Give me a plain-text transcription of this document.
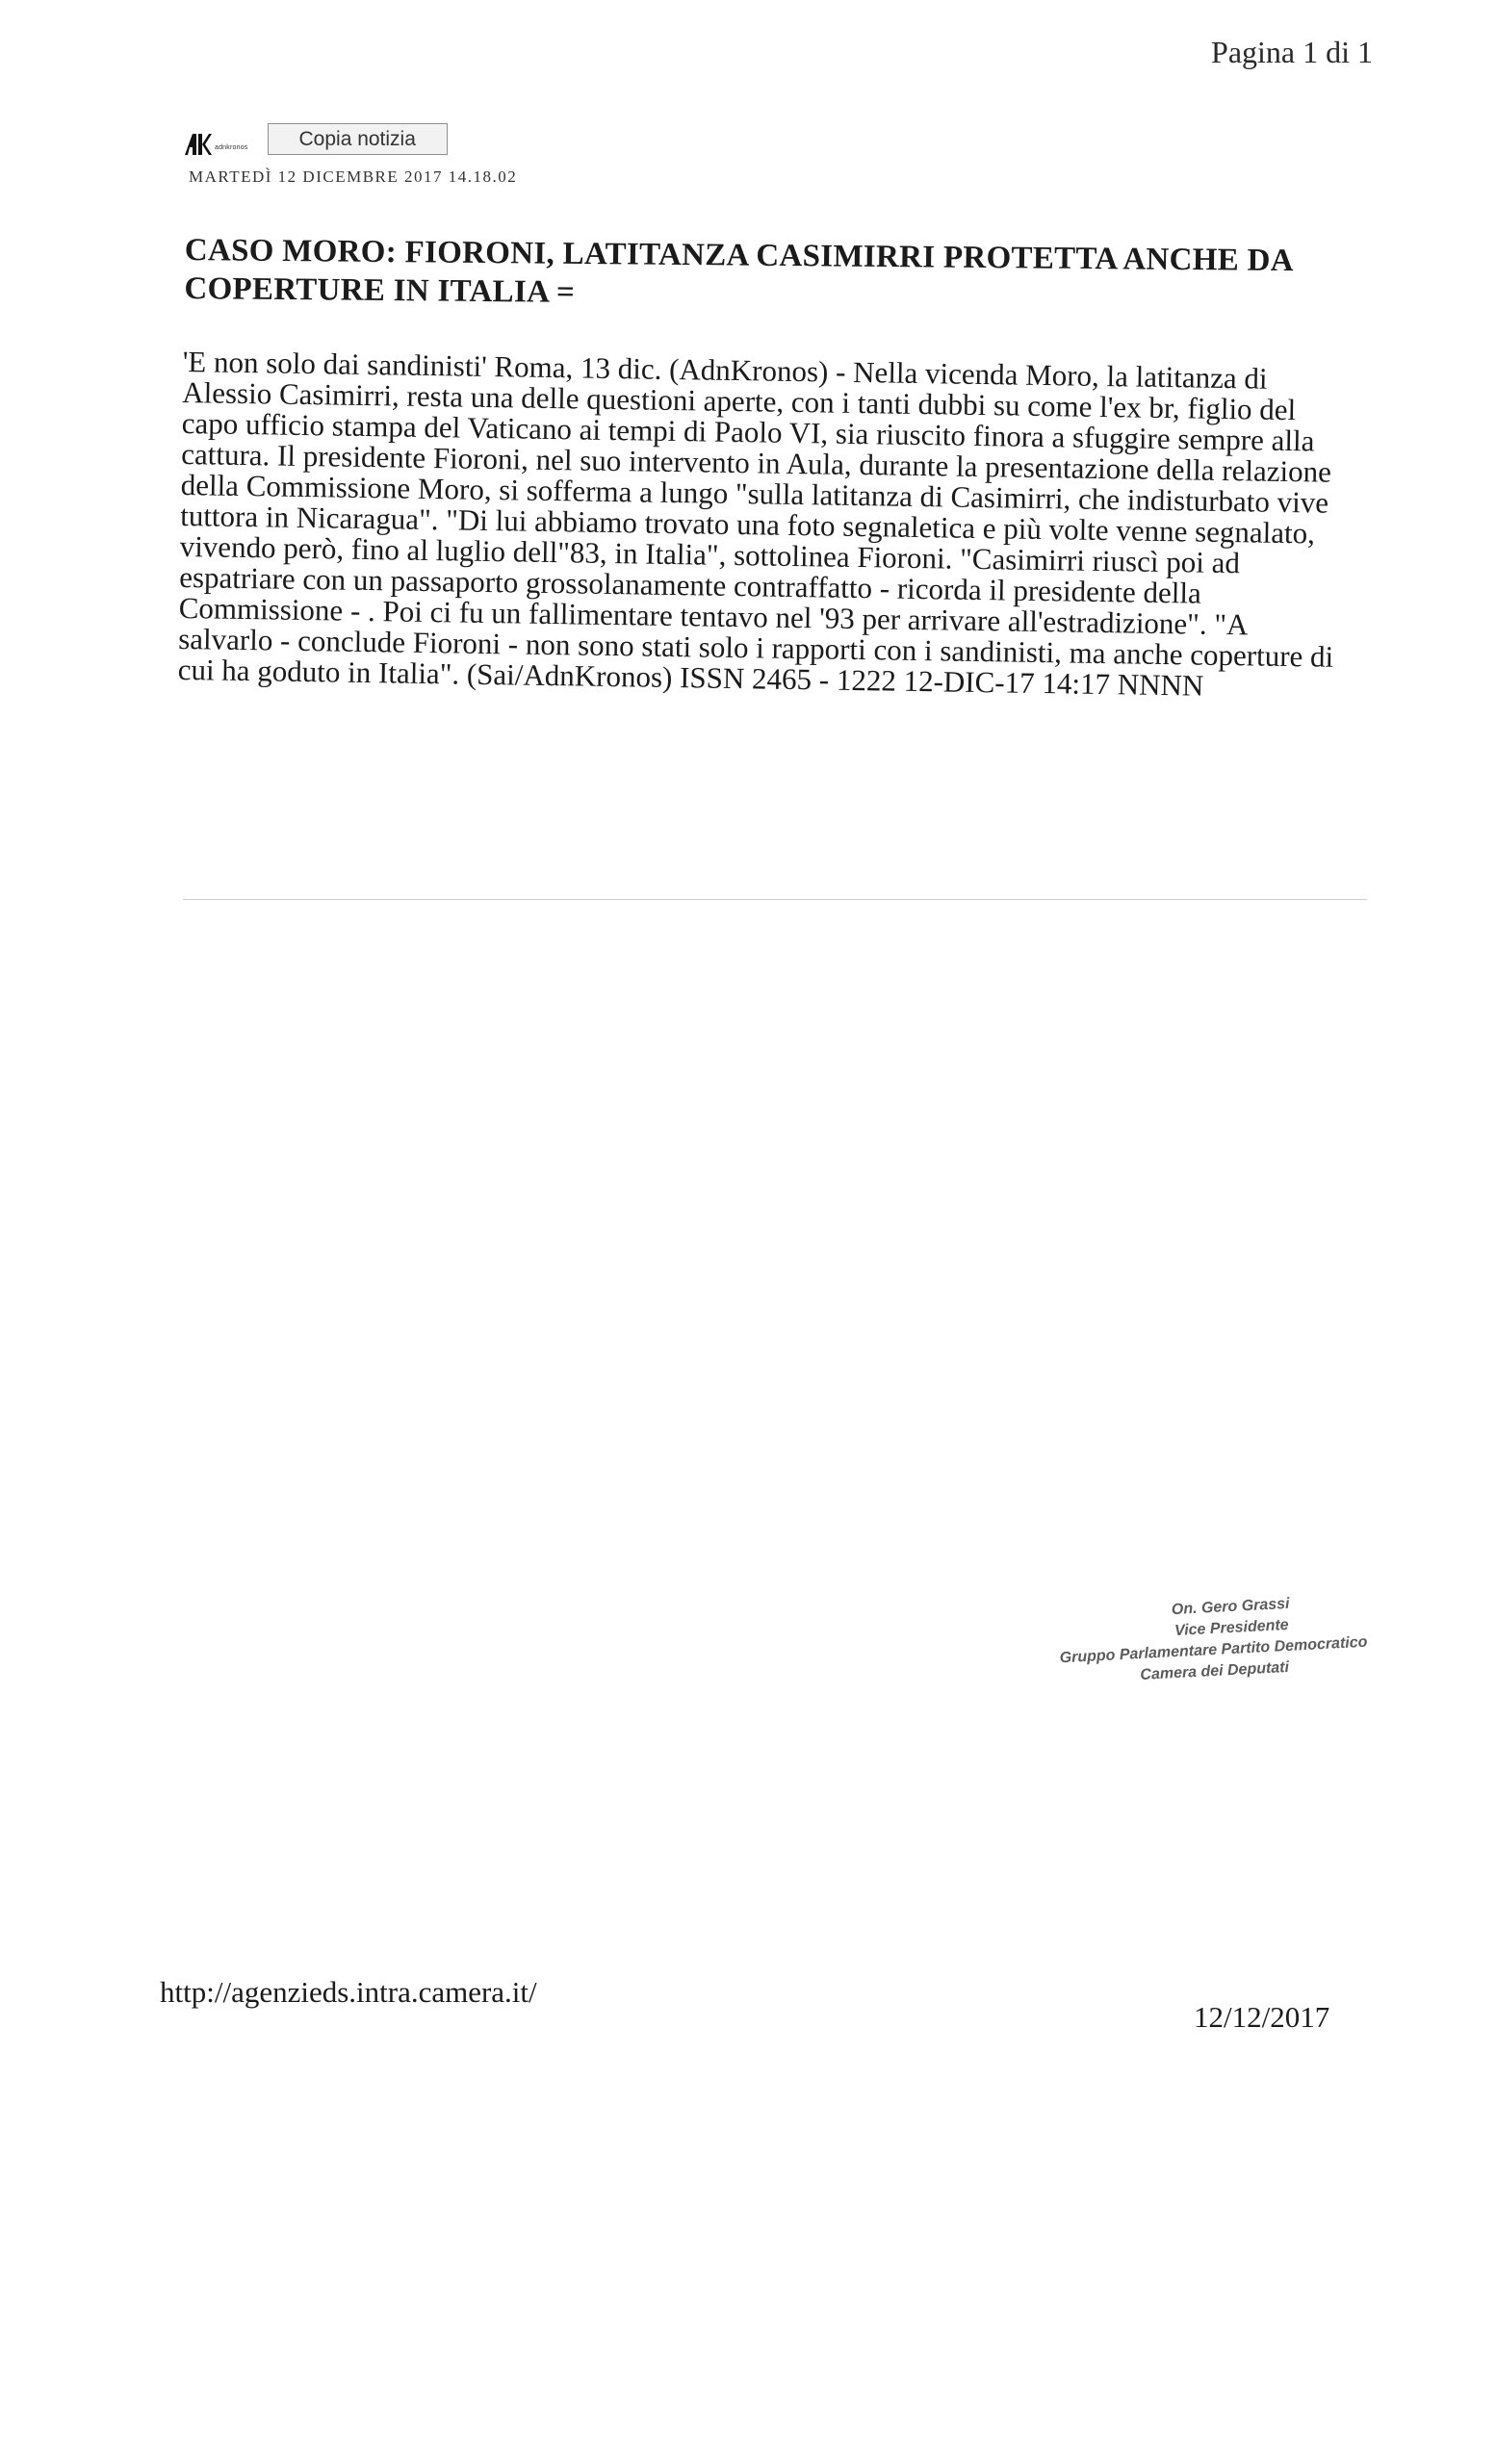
Pagina 1 di 1
adnkronos	Copia notizia
MARTEDÌ 12 DICEMBRE 2017 14.18.02
CASO MORO: FIORONI, LATITANZA CASIMIRRI PROTETTA ANCHE DA COPERTURE IN ITALIA =

'E non solo dai sandinisti' Roma, 13 dic. (AdnKronos) - Nella vicenda Moro, la latitanza di Alessio Casimirri, resta una delle questioni aperte, con i tanti dubbi su come l'ex br, figlio del capo ufficio stampa del Vaticano ai tempi di Paolo VI, sia riuscito finora a sfuggire sempre alla cattura. Il presidente Fioroni, nel suo intervento in Aula, durante la presentazione della relazione della Commissione Moro, si sofferma a lungo "sulla latitanza di Casimirri, che indisturbato vive tuttora in Nicaragua". "Di lui abbiamo trovato una foto segnaletica e più volte venne segnalato, vivendo però, fino al luglio dell"83, in Italia", sottolinea Fioroni. "Casimirri riuscì poi ad espatriare con un passaporto grossolanamente contraffatto - ricorda il presidente della Commissione - . Poi ci fu un fallimentare tentavo nel '93 per arrivare all'estradizione". "A salvarlo - conclude Fioroni - non sono stati solo i rapporti con i sandinisti, ma anche coperture di cui ha goduto in Italia". (Sai/AdnKronos) ISSN 2465 - 1222 12-DIC-17 14:17 NNNN

On. Gero Grassi
Vice Presidente
Gruppo Parlamentare Partito Democratico
Camera dei Deputati
http://agenzieds.intra.camera.it/
12/12/2017
